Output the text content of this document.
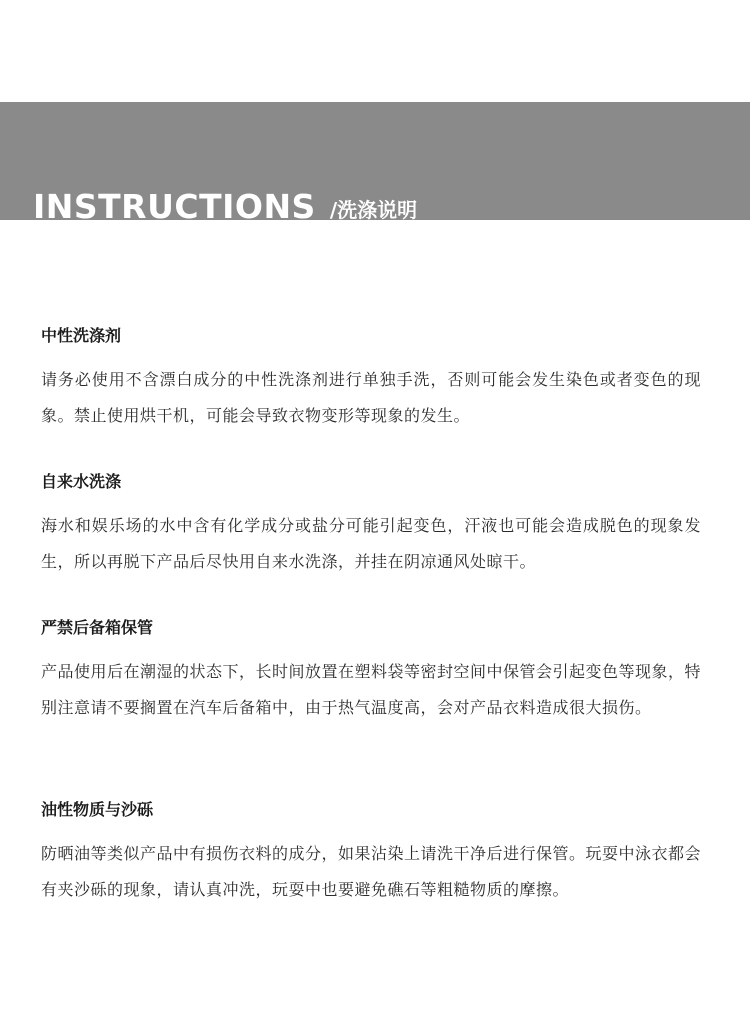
INSTRUCTIONS /洗涤说明

中性洗涤剂

请务必使用不含漂白成分的中性洗涤剂进行单独手洗，否则可能会发生染色或者变色的现象。禁止使用烘干机，可能会导致衣物变形等现象的发生。

自来水洗涤

海水和娱乐场的水中含有化学成分或盐分可能引起变色，汗液也可能会造成脱色的现象发生，所以再脱下产品后尽快用自来水洗涤，并挂在阴凉通风处晾干。

严禁后备箱保管

产品使用后在潮湿的状态下，长时间放置在塑料袋等密封空间中保管会引起变色等现象，特别注意请不要搁置在汽车后备箱中，由于热气温度高，会对产品衣料造成很大损伤。

油性物质与沙砾

防晒油等类似产品中有损伤衣料的成分，如果沾染上请洗干净后进行保管。玩耍中泳衣都会有夹沙砾的现象，请认真冲洗，玩耍中也要避免礁石等粗糙物质的摩擦。
